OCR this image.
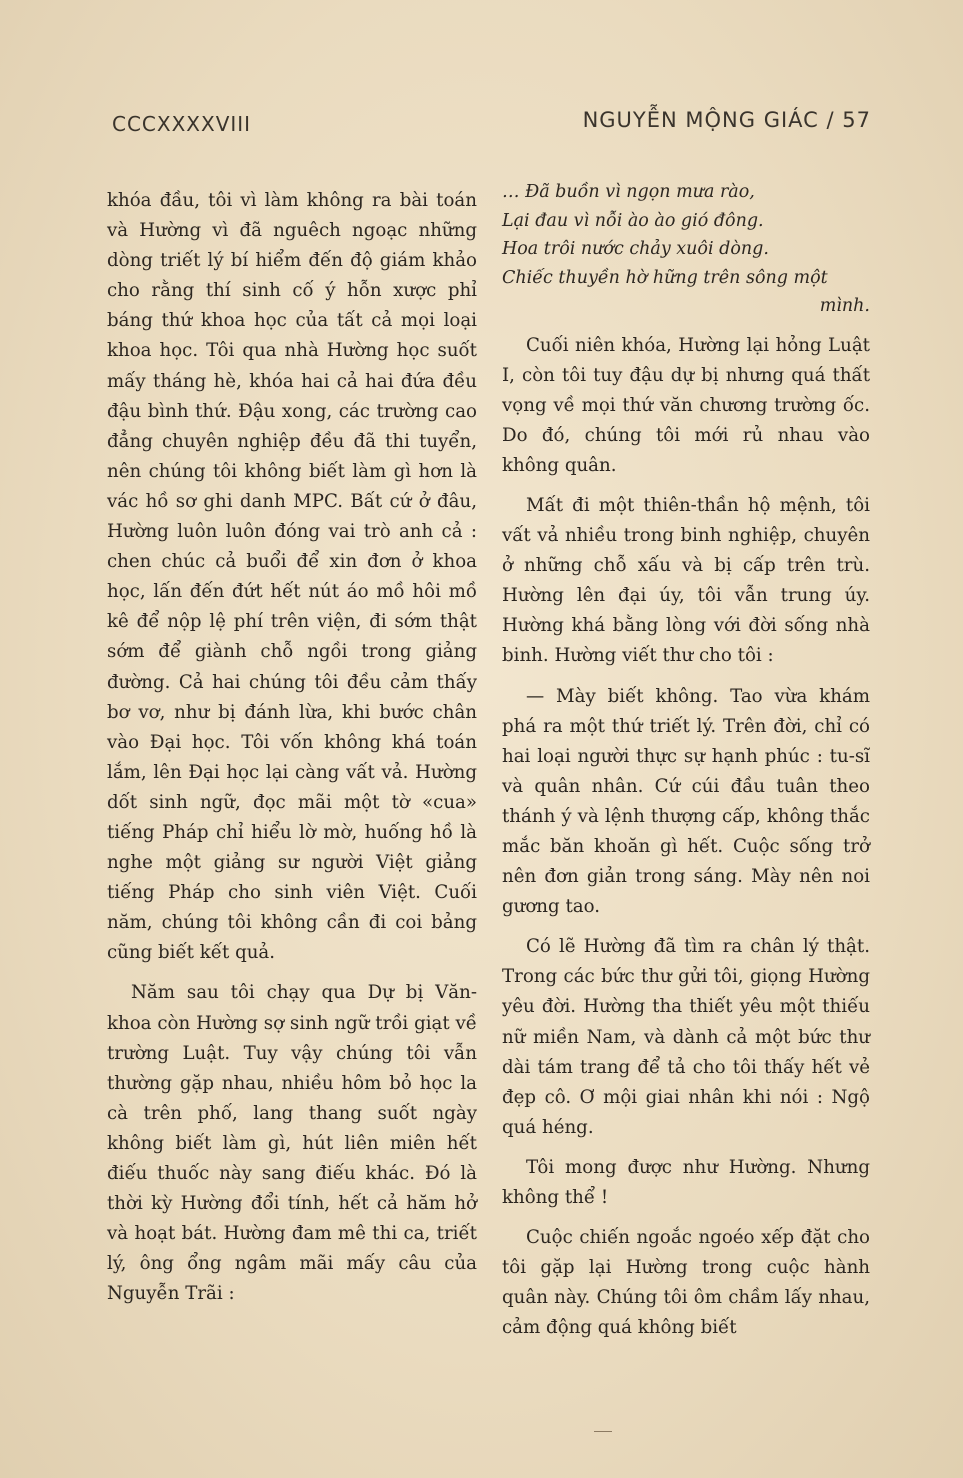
CCCXXXXVIII	NGUYỄN MỘNG GIÁC / 57

khóa đầu, tôi vì làm không ra bài toán và Hường vì đã nguêch ngoạc những dòng triết lý bí hiểm đến độ giám khảo cho rằng thí sinh cố ý hỗn xược phỉ báng thứ khoa học của tất cả mọi loại khoa học. Tôi qua nhà Hường học suốt mấy tháng hè, khóa hai cả hai đứa đều đậu bình thứ. Đậu xong, các trường cao đẳng chuyên nghiệp đều đã thi tuyển, nên chúng tôi không biết làm gì hơn là vác hồ sơ ghi danh MPC. Bất cứ ở đâu, Hường luôn luôn đóng vai trò anh cả : chen chúc cả buổi để xin đơn ở khoa học, lấn đến đứt hết nút áo mồ hôi mồ kê để nộp lệ phí trên viện, đi sớm thật sớm để giành chỗ ngồi trong giảng đường. Cả hai chúng tôi đều cảm thấy bơ vơ, như bị đánh lừa, khi bước chân vào Đại học. Tôi vốn không khá toán lắm, lên Đại học lại càng vất vả. Hường dốt sinh ngữ, đọc mãi một tờ «cua» tiếng Pháp chỉ hiểu lờ mờ, huống hồ là nghe một giảng sư người Việt giảng tiếng Pháp cho sinh viên Việt. Cuối năm, chúng tôi không cần đi coi bảng cũng biết kết quả.

Năm sau tôi chạy qua Dự bị Văn-khoa còn Hường sợ sinh ngữ trồi giạt về trường Luật. Tuy vậy chúng tôi vẫn thường gặp nhau, nhiều hôm bỏ học la cà trên phố, lang thang suốt ngày không biết làm gì, hút liên miên hết điếu thuốc này sang điếu khác. Đó là thời kỳ Hường đổi tính, hết cả hăm hở và hoạt bát. Hường đam mê thi ca, triết lý, ông ổng ngâm mãi mấy câu của Nguyễn Trãi :

… Đã buồn vì ngọn mưa rào,
Lại đau vì nỗi ào ào gió đông.
Hoa trôi nước chảy xuôi dòng.
Chiếc thuyền hờ hững trên sông một
mình.

Cuối niên khóa, Hường lại hỏng Luật I, còn tôi tuy đậu dự bị nhưng quá thất vọng về mọi thứ văn chương trường ốc. Do đó, chúng tôi mới rủ nhau vào không quân.

Mất đi một thiên-thần hộ mệnh, tôi vất vả nhiều trong binh nghiệp, chuyên ở những chỗ xấu và bị cấp trên trù. Hường lên đại úy, tôi vẫn trung úy. Hường khá bằng lòng với đời sống nhà binh. Hường viết thư cho tôi :

— Mày biết không. Tao vừa khám phá ra một thứ triết lý. Trên đời, chỉ có hai loại người thực sự hạnh phúc : tu-sĩ và quân nhân. Cứ cúi đầu tuân theo thánh ý và lệnh thượng cấp, không thắc mắc băn khoăn gì hết. Cuộc sống trở nên đơn giản trong sáng. Mày nên noi gương tao.

Có lẽ Hường đã tìm ra chân lý thật. Trong các bức thư gửi tôi, giọng Hường yêu đời. Hường tha thiết yêu một thiếu nữ miền Nam, và dành cả một bức thư dài tám trang để tả cho tôi thấy hết vẻ đẹp cô. Ơ mội giai nhân khi nói : Ngộ quá héng.

Tôi mong được như Hường. Nhưng không thể !

Cuộc chiến ngoắc ngoéo xếp đặt cho tôi gặp lại Hường trong cuộc hành quân này. Chúng tôi ôm chầm lấy nhau, cảm động quá không biết
